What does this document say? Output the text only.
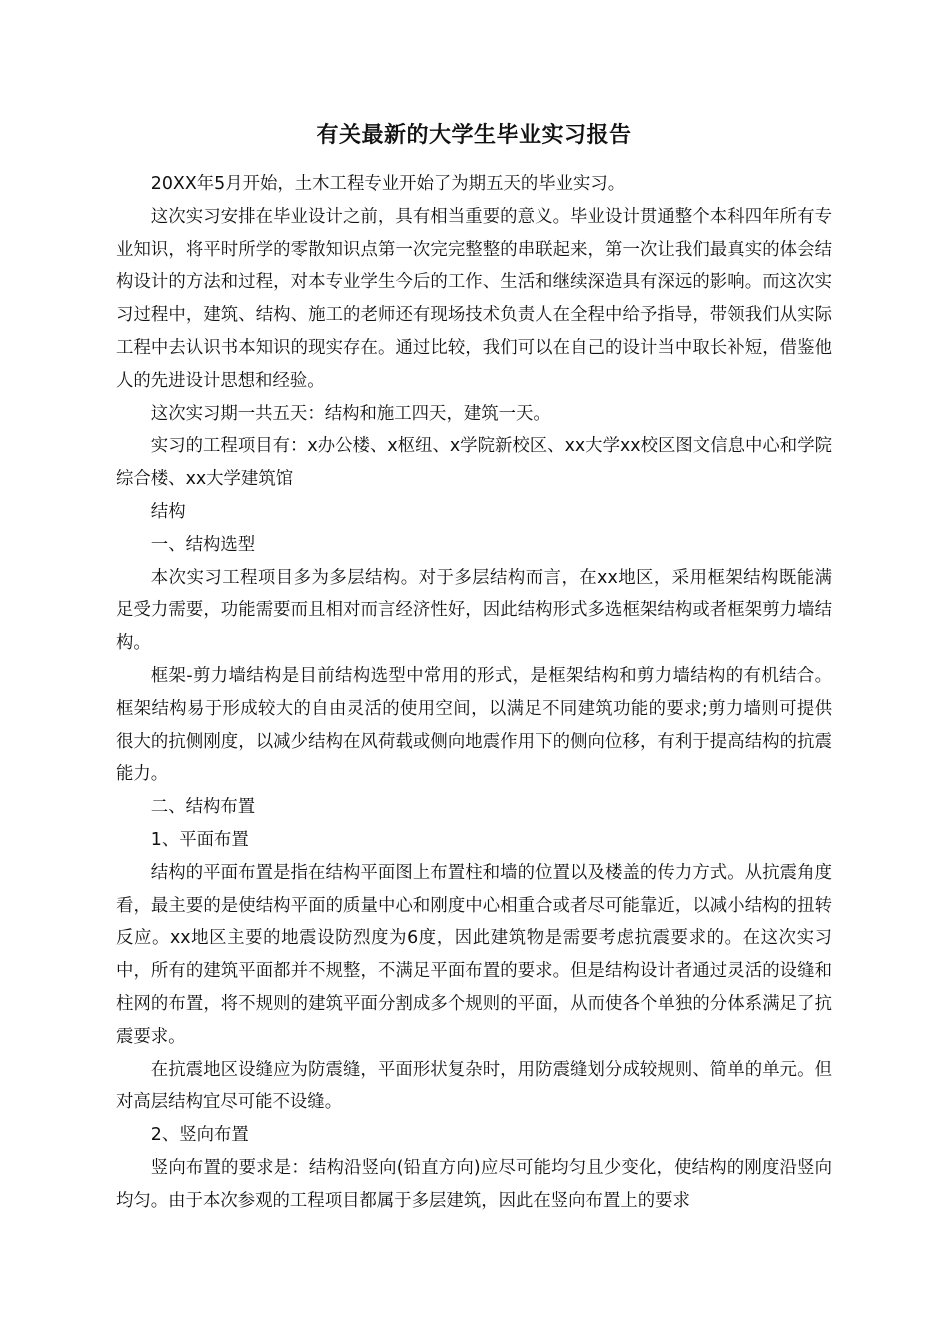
有关最新的大学生毕业实习报告

20XX年5月开始，土木工程专业开始了为期五天的毕业实习。

这次实习安排在毕业设计之前，具有相当重要的意义。毕业设计贯通整个本科四年所有专业知识，将平时所学的零散知识点第一次完完整整的串联起来，第一次让我们最真实的体会结构设计的方法和过程，对本专业学生今后的工作、生活和继续深造具有深远的影响。而这次实习过程中，建筑、结构、施工的老师还有现场技术负责人在全程中给予指导，带领我们从实际工程中去认识书本知识的现实存在。通过比较，我们可以在自己的设计当中取长补短，借鉴他人的先进设计思想和经验。

这次实习期一共五天：结构和施工四天，建筑一天。

实习的工程项目有：x办公楼、x枢纽、x学院新校区、xx大学xx校区图文信息中心和学院综合楼、xx大学建筑馆

结构

一、结构选型

本次实习工程项目多为多层结构。对于多层结构而言，在xx地区，采用框架结构既能满足受力需要，功能需要而且相对而言经济性好，因此结构形式多选框架结构或者框架剪力墙结构。

框架-剪力墙结构是目前结构选型中常用的形式，是框架结构和剪力墙结构的有机结合。框架结构易于形成较大的自由灵活的使用空间，以满足不同建筑功能的要求;剪力墙则可提供很大的抗侧刚度，以减少结构在风荷载或侧向地震作用下的侧向位移，有利于提高结构的抗震能力。

二、结构布置

1、平面布置

结构的平面布置是指在结构平面图上布置柱和墙的位置以及楼盖的传力方式。从抗震角度看，最主要的是使结构平面的质量中心和刚度中心相重合或者尽可能靠近，以减小结构的扭转反应。xx地区主要的地震设防烈度为6度，因此建筑物是需要考虑抗震要求的。在这次实习中，所有的建筑平面都并不规整，不满足平面布置的要求。但是结构设计者通过灵活的设缝和柱网的布置，将不规则的建筑平面分割成多个规则的平面，从而使各个单独的分体系满足了抗震要求。

在抗震地区设缝应为防震缝，平面形状复杂时，用防震缝划分成较规则、简单的单元。但对高层结构宜尽可能不设缝。

2、竖向布置

竖向布置的要求是：结构沿竖向(铅直方向)应尽可能均匀且少变化，使结构的刚度沿竖向均匀。由于本次参观的工程项目都属于多层建筑，因此在竖向布置上的要求
